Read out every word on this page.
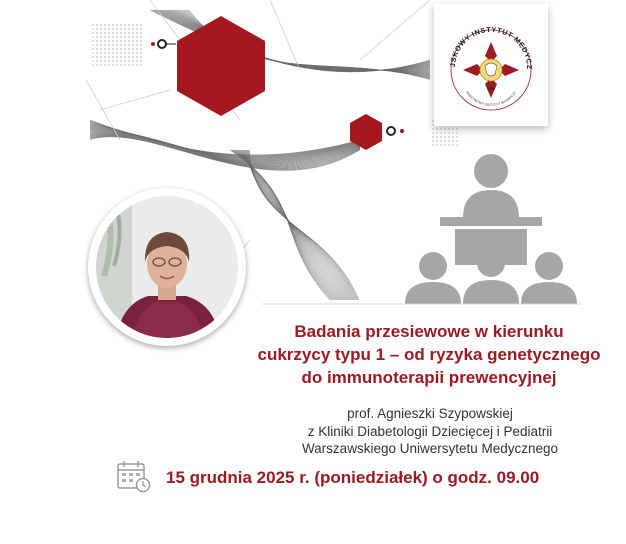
JSKOWY INSTYTUT MEDYCZ
PAŃSTWOWY INSTYTUT BADAWCZY
WIM
Badania przesiewowe w kierunku
cukrzycy typu 1 – od ryzyka genetycznego
do immunoterapii prewencyjnej
prof. Agnieszki Szypowskiej
z Kliniki Diabetologii Dziecięcej i Pediatrii
Warszawskiego Uniwersytetu Medycznego
15 grudnia 2025 r. (poniedziałek) o godz. 09.00
